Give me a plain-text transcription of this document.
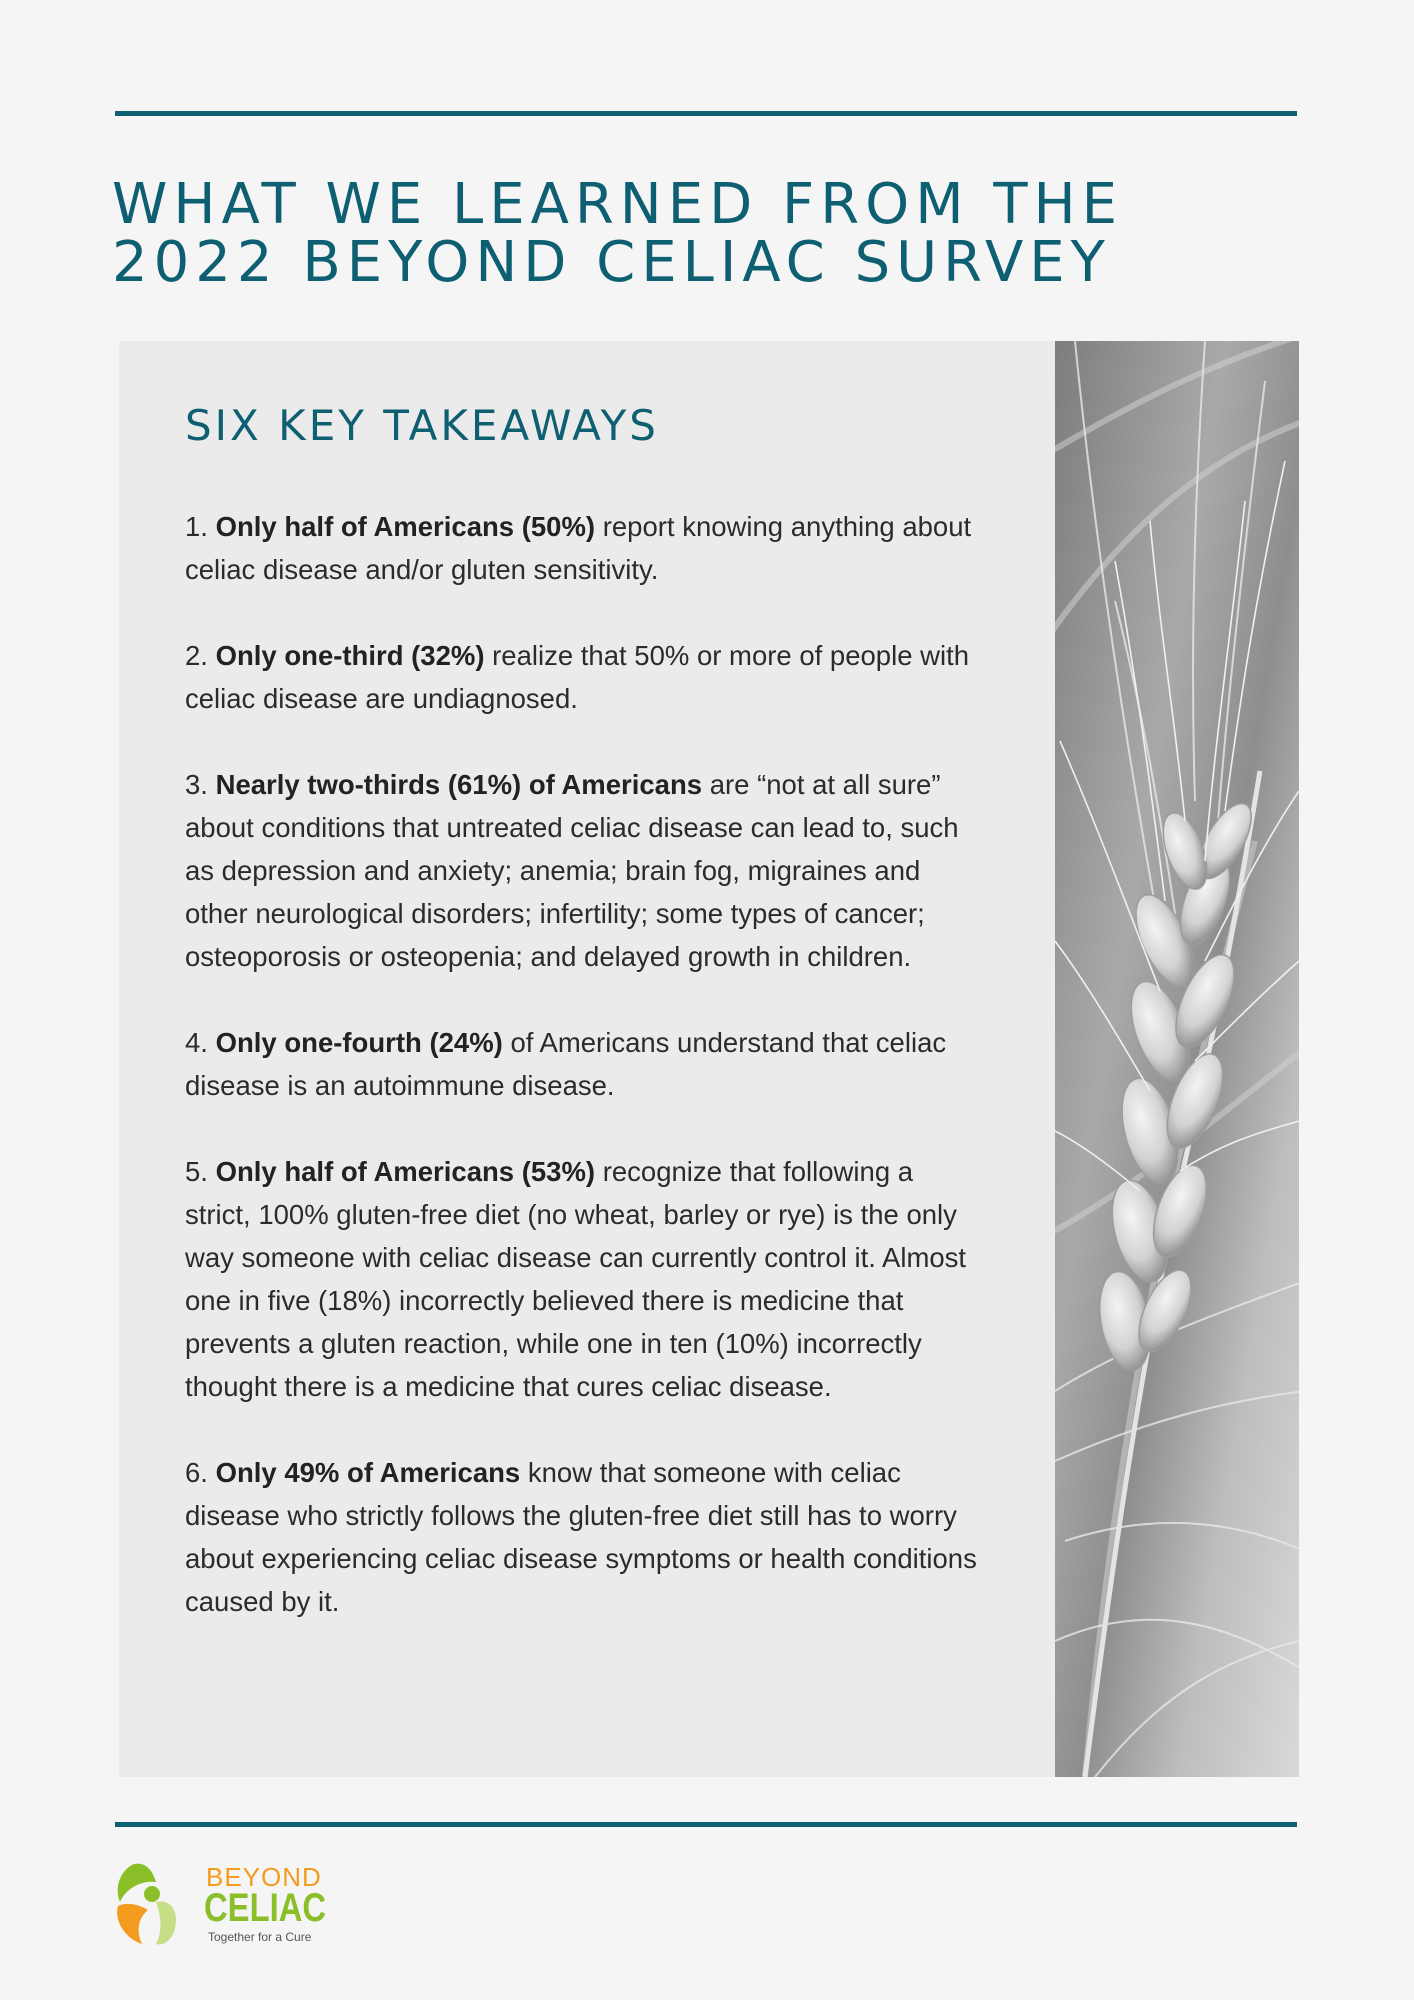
WHAT WE LEARNED FROM THE
2022 BEYOND CELIAC SURVEY
SIX KEY TAKEAWAYS
1. Only half of Americans (50%) report knowing anything about celiac disease and/or gluten sensitivity.
2. Only one-third (32%) realize that 50% or more of people with celiac disease are undiagnosed.
3. Nearly two-thirds (61%) of Americans are “not at all sure” about conditions that untreated celiac disease can lead to, such as depression and anxiety; anemia; brain fog, migraines and other neurological disorders; infertility; some types of cancer; osteoporosis or osteopenia; and delayed growth in children.
4. Only one-fourth (24%) of Americans understand that celiac disease is an autoimmune disease.
5. Only half of Americans (53%) recognize that following a strict, 100% gluten-free diet (no wheat, barley or rye) is the only way someone with celiac disease can currently control it. Almost one in five (18%) incorrectly believed there is medicine that prevents a gluten reaction, while one in ten (10%) incorrectly thought there is a medicine that cures celiac disease.
6. Only 49% of Americans know that someone with celiac disease who strictly follows the gluten-free diet still has to worry about experiencing celiac disease symptoms or health conditions caused by it.
BEYOND
CELIAC
Together for a Cure
